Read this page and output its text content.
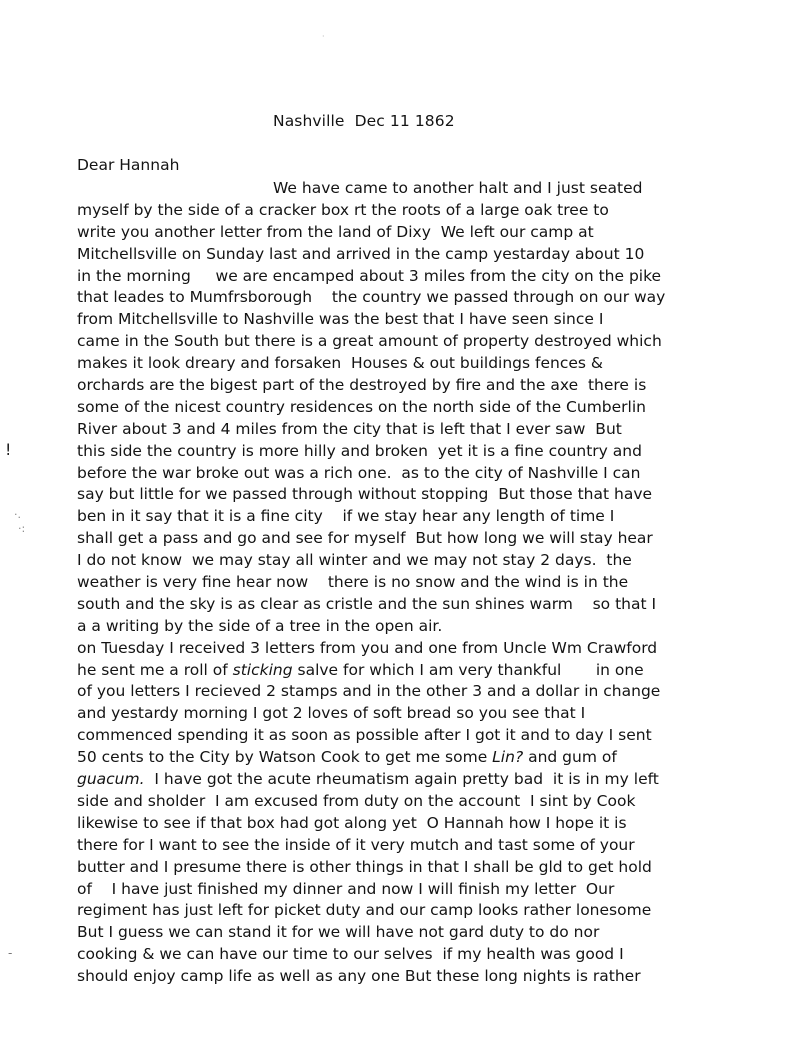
·
Nashville  Dec 11 1862
Dear Hannah
We have came to another halt and I just seated
myself by the side of a cracker box rt the roots of a large oak tree to
write you another letter from the land of Dixy  We left our camp at
Mitchellsville on Sunday last and arrived in the camp yestarday about 10
in the morning     we are encamped about 3 miles from the city on the pike
that leades to Mumfrsborough    the country we passed through on our way
from Mitchellsville to Nashville was the best that I have seen since I
came in the South but there is a great amount of property destroyed which
makes it look dreary and forsaken  Houses & out buildings fences &
orchards are the bigest part of the destroyed by fire and the axe  there is
some of the nicest country residences on the north side of the Cumberlin
River about 3 and 4 miles from the city that is left that I ever saw  But
this side the country is more hilly and broken  yet it is a fine country and
before the war broke out was a rich one.  as to the city of Nashville I can
say but little for we passed through without stopping  But those that have
ben in it say that it is a fine city    if we stay hear any length of time I
shall get a pass and go and see for myself  But how long we will stay hear
I do not know  we may stay all winter and we may not stay 2 days.  the
weather is very fine hear now    there is no snow and the wind is in the
south and the sky is as clear as cristle and the sun shines warm    so that I
a a writing by the side of a tree in the open air.
on Tuesday I received 3 letters from you and one from Uncle Wm Crawford
he sent me a roll of sticking salve for which I am very thankful       in one
of you letters I recieved 2 stamps and in the other 3 and a dollar in change
and yestardy morning I got 2 loves of soft bread so you see that I
commenced spending it as soon as possible after I got it and to day I sent
50 cents to the City by Watson Cook to get me some Lin? and gum of
guacum.  I have got the acute rheumatism again pretty bad  it is in my left
side and sholder  I am excused from duty on the account  I sint by Cook
likewise to see if that box had got along yet  O Hannah how I hope it is
there for I want to see the inside of it very mutch and tast some of your
butter and I presume there is other things in that I shall be gld to get hold
of    I have just finished my dinner and now I will finish my letter  Our
regiment has just left for picket duty and our camp looks rather lonesome
But I guess we can stand it for we will have not gard duty to do nor
cooking & we can have our time to our selves  if my health was good I
should enjoy camp life as well as any one But these long nights is rather
!
·.
·:
-
